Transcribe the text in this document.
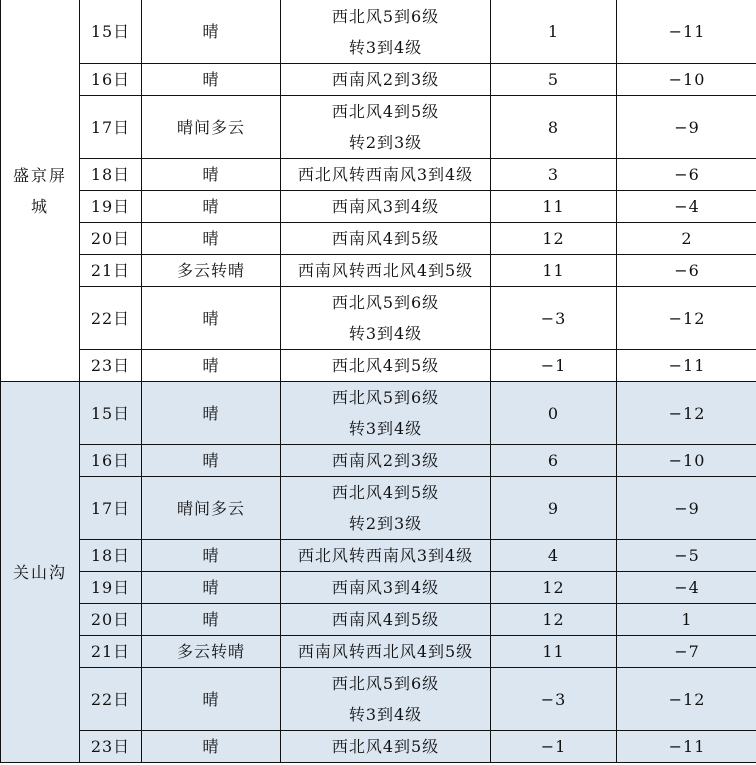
盛京屏城	15日	晴	西北风5到6级
转3到4级	1	−11
	16日	晴	西南风2到3级	5	−10
	17日	晴间多云	西北风4到5级
转2到3级	8	−9
	18日	晴	西北风转西南风3到4级	3	−6
	19日	晴	西南风3到4级	11	−4
	20日	晴	西南风4到5级	12	2
	21日	多云转晴	西南风转西北风4到5级	11	−6
	22日	晴	西北风5到6级
转3到4级	−3	−12
	23日	晴	西北风4到5级	−1	−11
关山沟	15日	晴	西北风5到6级
转3到4级	0	−12
	16日	晴	西南风2到3级	6	−10
	17日	晴间多云	西北风4到5级
转2到3级	9	−9
	18日	晴	西北风转西南风3到4级	4	−5
	19日	晴	西南风3到4级	12	−4
	20日	晴	西南风4到5级	12	1
	21日	多云转晴	西南风转西北风4到5级	11	−7
	22日	晴	西北风5到6级
转3到4级	−3	−12
	23日	晴	西北风4到5级	−1	−11
